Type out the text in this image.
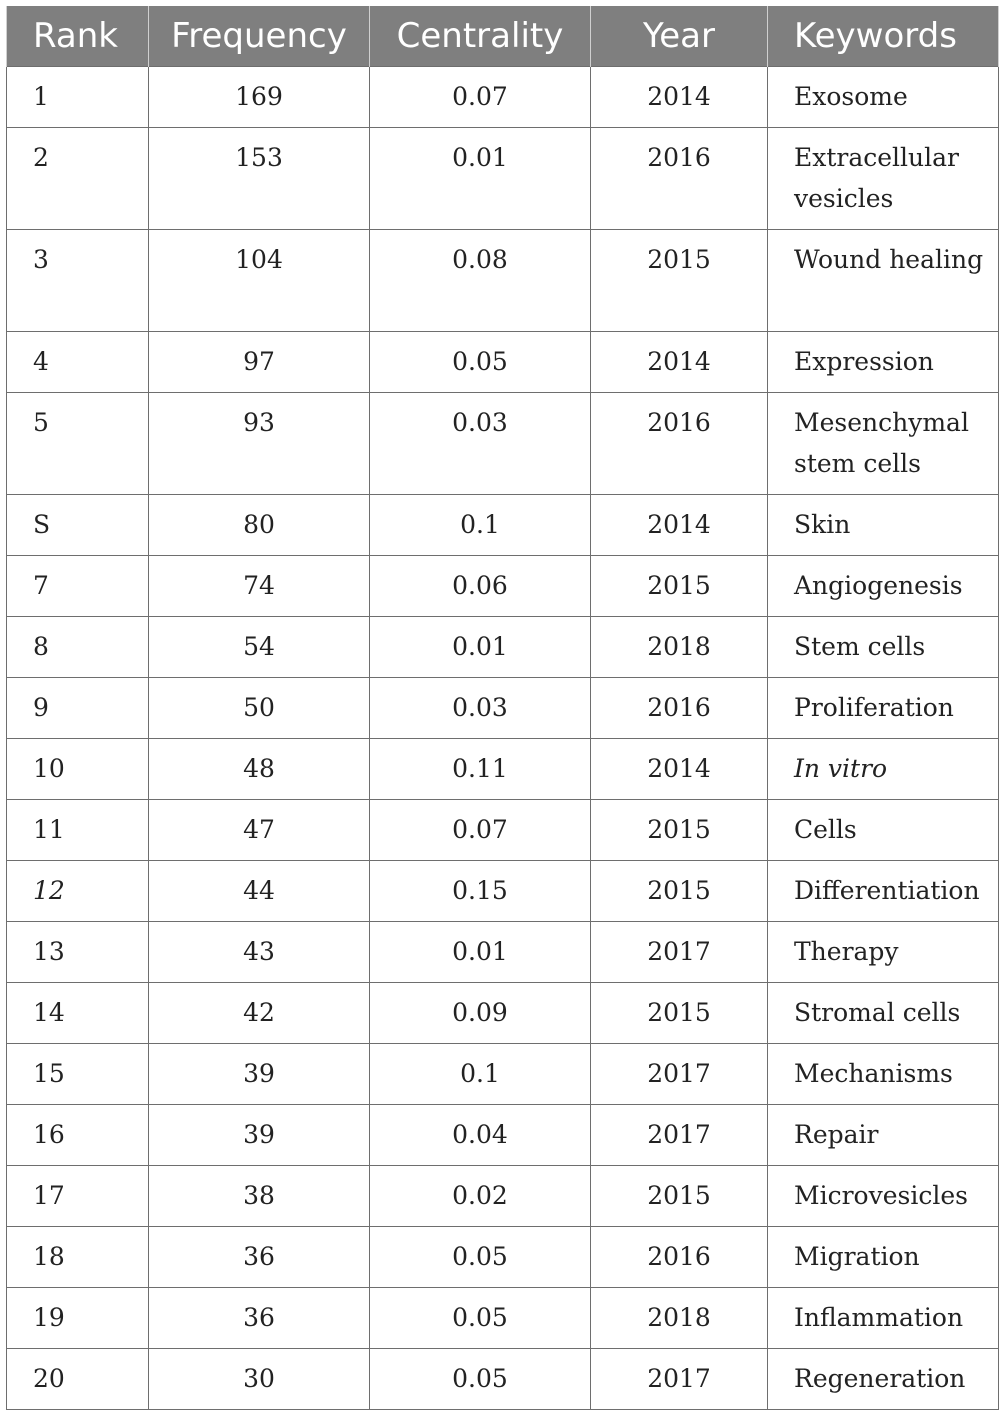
Rank	Frequency	Centrality	Year	Keywords

1	169	0.07	2014	Exosome

2	153	0.01	2016	Extracellular vesicles

3	104	0.08	2015	Wound healing

4	97	0.05	2014	Expression

5	93	0.03	2016	Mesenchymal stem cells

S	80	0.1	2014	Skin

7	74	0.06	2015	Angiogenesis

8	54	0.01	2018	Stem cells

9	50	0.03	2016	Proliferation

10	48	0.11	2014	In vitro

11	47	0.07	2015	Cells

12	44	0.15	2015	Differentiation

13	43	0.01	2017	Therapy

14	42	0.09	2015	Stromal cells

15	39	0.1	2017	Mechanisms

16	39	0.04	2017	Repair

17	38	0.02	2015	Microvesicles

18	36	0.05	2016	Migration

19	36	0.05	2018	Inflammation

20	30	0.05	2017	Regeneration
